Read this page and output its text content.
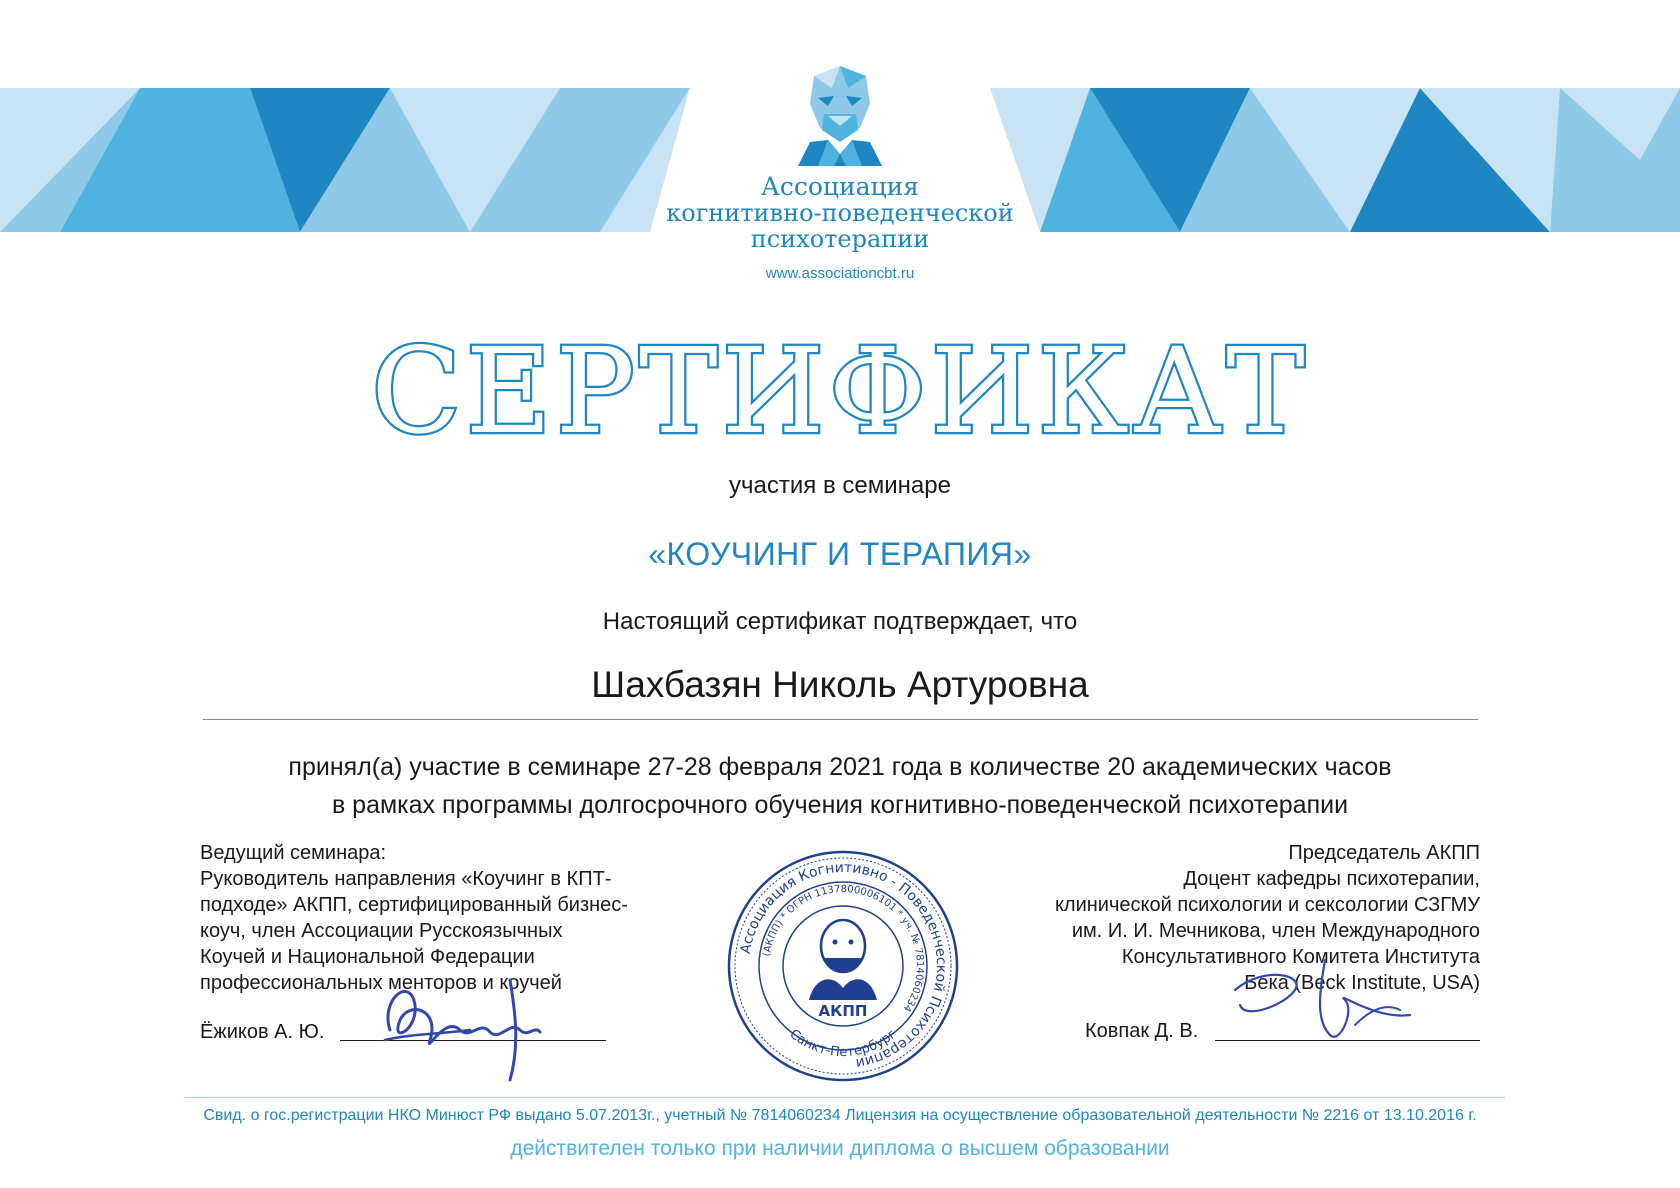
Ассоциация
когнитивно-поведенческой
психотерапии
www.associationcbt.ru
СЕРТИФИКАТ
участия в семинаре
«КОУЧИНГ И ТЕРАПИЯ»
Настоящий сертификат подтверждает, что
Шахбазян Николь Артуровна
принял(а) участие в семинаре 27-28 февраля 2021 года в количестве 20 академических часов
в рамках программы долгосрочного обучения когнитивно-поведенческой психотерапии
Ведущий семинара:
Руководитель направления «Коучинг в КПТ-
подходе» АКПП, сертифицированный бизнес-
коуч, член Ассоциации Русскоязычных
Коучей и Национальной Федерации
профессиональных менторов и коучей
Председатель АКПП
Доцент кафедры психотерапии,
клинической психологии и сексологии СЗГМУ
им. И. И. Мечникова, член Международного
Консультативного Комитета Института
Бека (Beck Institute, USA)
Ёжиков А. Ю.	Ковпак Д. В.
Ассоциация Когнитивно - Поведенческой Психотерапии
(АКПП) * ОГРН 1137800006101 * уч. № 7814060234
Санкт-Петербург
АКПП
Свид. о гос.регистрации НКО Минюст РФ выдано 5.07.2013г., учетный № 7814060234 Лицензия на осуществление образовательной деятельности № 2216 от 13.10.2016 г.
действителен только при наличии диплома о высшем образовании
